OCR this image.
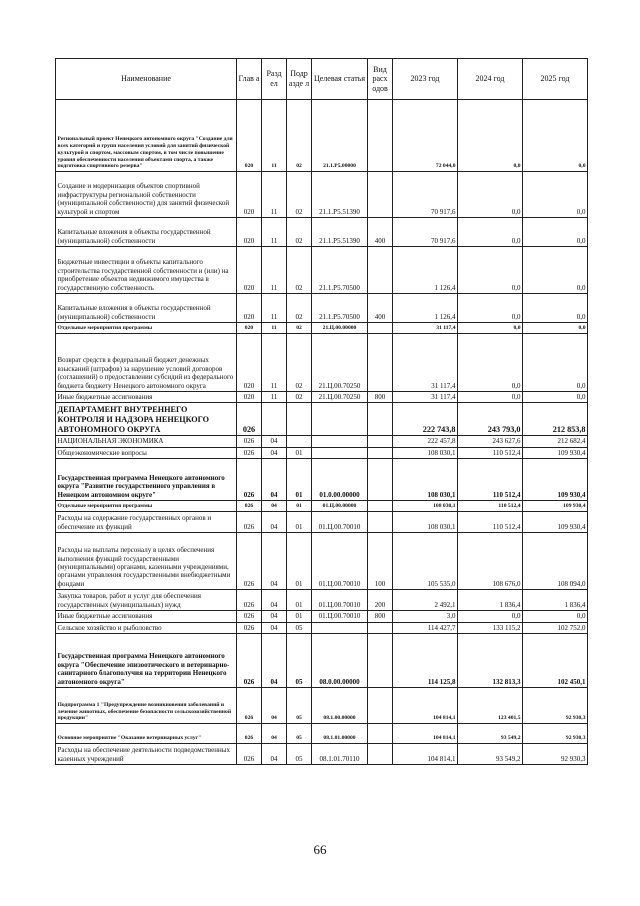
Наименование	Глав а	Разд ел	Подр азде л	Целевая статья	Вид расх одов	2023 год	2024 год	2025 год
Региональный проект Ненецкого автономного округа "Создание для всех категорий и групп населения условий для занятий физической культурой и спортом, массовым спортом, в том числе повышение уровня обеспеченности населения объектами спорта, а также подготовка спортивного резерва"	020	11	02	21.1.P5.00000		72 044,0	0,0	0,0
Создание и модернизация объектов спортивной инфраструктуры региональной собственности (муниципальной собственности) для занятий физической культурой и спортом	020	11	02	21.1.P5.51390		70 917,6	0,0	0,0
Капитальные вложения в объекты государственной (муниципальной) собственности	020	11	02	21.1.P5.51390	400	70 917,6	0,0	0,0
Бюджетные инвестиции в объекты капитального строительства государственной собственности и (или) на приобретение объектов недвижимого имущества в государственную собственность	020	11	02	21.1.P5.70500		1 126,4	0,0	0,0
Капитальные вложения в объекты государственной (муниципальной) собственности	020	11	02	21.1.P5.70500	400	1 126,4	0,0	0,0
Отдельные мероприятия программы	020	11	02	21.Ц.00.00000		31 117,4	0,0	0,0
Возврат средств в федеральный бюджет денежных взысканий (штрафов) за нарушение условий договоров (соглашений) о предоставлении субсидий из федерального бюджета бюджету Ненецкого автономного округа	020	11	02	21.Ц.00.70250		31 117,4	0,0	0,0
Иные бюджетные ассигнования	020	11	02	21.Ц.00.70250	800	31 117,4	0,0	0,0
ДЕПАРТАМЕНТ ВНУТРЕННЕГО КОНТРОЛЯ И НАДЗОРА НЕНЕЦКОГО АВТОНОМНОГО ОКРУГА	026					222 743,8	243 793,0	212 853,8
НАЦИОНАЛЬНАЯ ЭКОНОМИКА	026	04				222 457,8	243 627,6	212 682,4
Общеэкономические вопросы	026	04	01			108 030,1	110 512,4	109 930,4
Государственная программа Ненецкого автономного округа "Развитие государственного управления в Ненецком автономном округе"	026	04	01	01.0.00.00000		108 030,1	110 512,4	109 930,4
Отдельные мероприятия программы	026	04	01	01.Ц.00.00000		108 030,1	110 512,4	109 930,4
Расходы на содержание государственных органов и обеспечение их функций	026	04	01	01.Ц.00.70010		108 030,1	110 512,4	109 930,4
Расходы на выплаты персоналу в целях обеспечения выполнения функций государственными (муниципальными) органами, казенными учреждениями, органами управления государственными внебюджетными фондами	026	04	01	01.Ц.00.70010	100	105 535,0	108 676,0	108 094,0
Закупка товаров, работ и услуг для обеспечения государственных (муниципальных) нужд	026	04	01	01.Ц.00.70010	200	2 492,1	1 836,4	1 836,4
Иные бюджетные ассигнования	026	04	01	01.Ц.00.70010	800	3,0	0,0	0,0
Сельское хозяйство и рыболовство	026	04	05			114 427,7	133 115,2	102 752,0
Государственная программа Ненецкого автономного округа "Обеспечение эпизоотического и ветеринарно-санитарного благополучия на территории Ненецкого автономного округа"	026	04	05	08.0.00.00000		114 125,8	132 813,3	102 450,1
Подпрограмма 1 "Предупреждение возникновения заболеваний и лечение животных, обеспечение безопасности сельскохозяйственной продукции"	026	04	05	08.1.00.00000		104 814,1	123 401,5	92 930,3
Основное мероприятие "Оказание ветеринарных услуг"	026	04	05	08.1.01.00000		104 814,1	93 549,2	92 930,3
Расходы на обеспечение деятельности подведомственных казенных учреждений	026	04	05	08.1.01.70110		104 814,1	93 549,2	92 930,3
66
